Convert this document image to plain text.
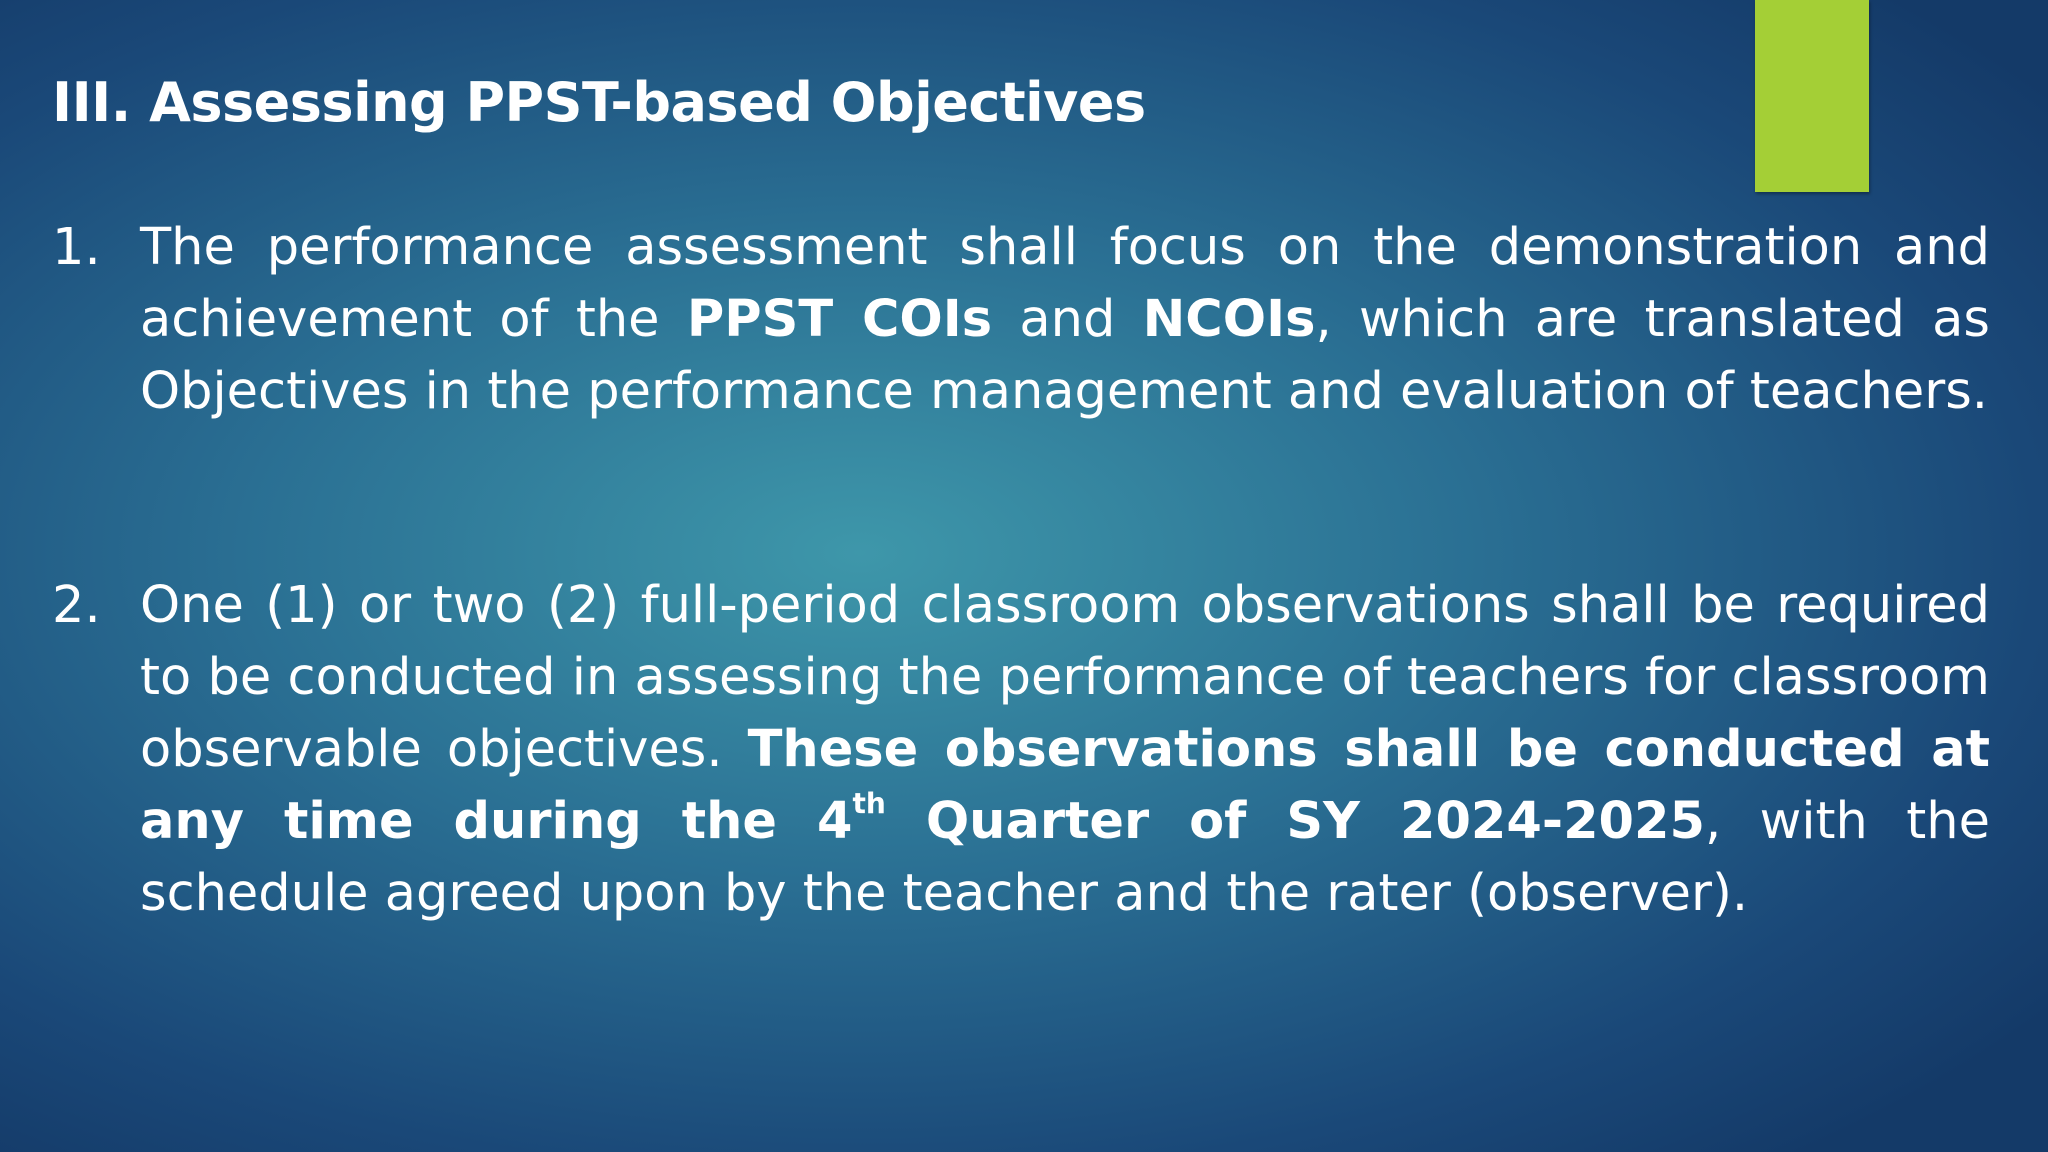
III. Assessing PPST-based Objectives
1. The performance assessment shall focus on the demonstration and achievement of the PPST COIs and NCOIs, which are translated as Objectives in the performance management and evaluation of teachers.
2. One (1) or two (2) full-period classroom observations shall be required to be conducted in assessing the performance of teachers for classroom observable objectives. These observations shall be conducted at any time during the 4th Quarter of SY 2024-2025, with the schedule agreed upon by the teacher and the rater (observer).
